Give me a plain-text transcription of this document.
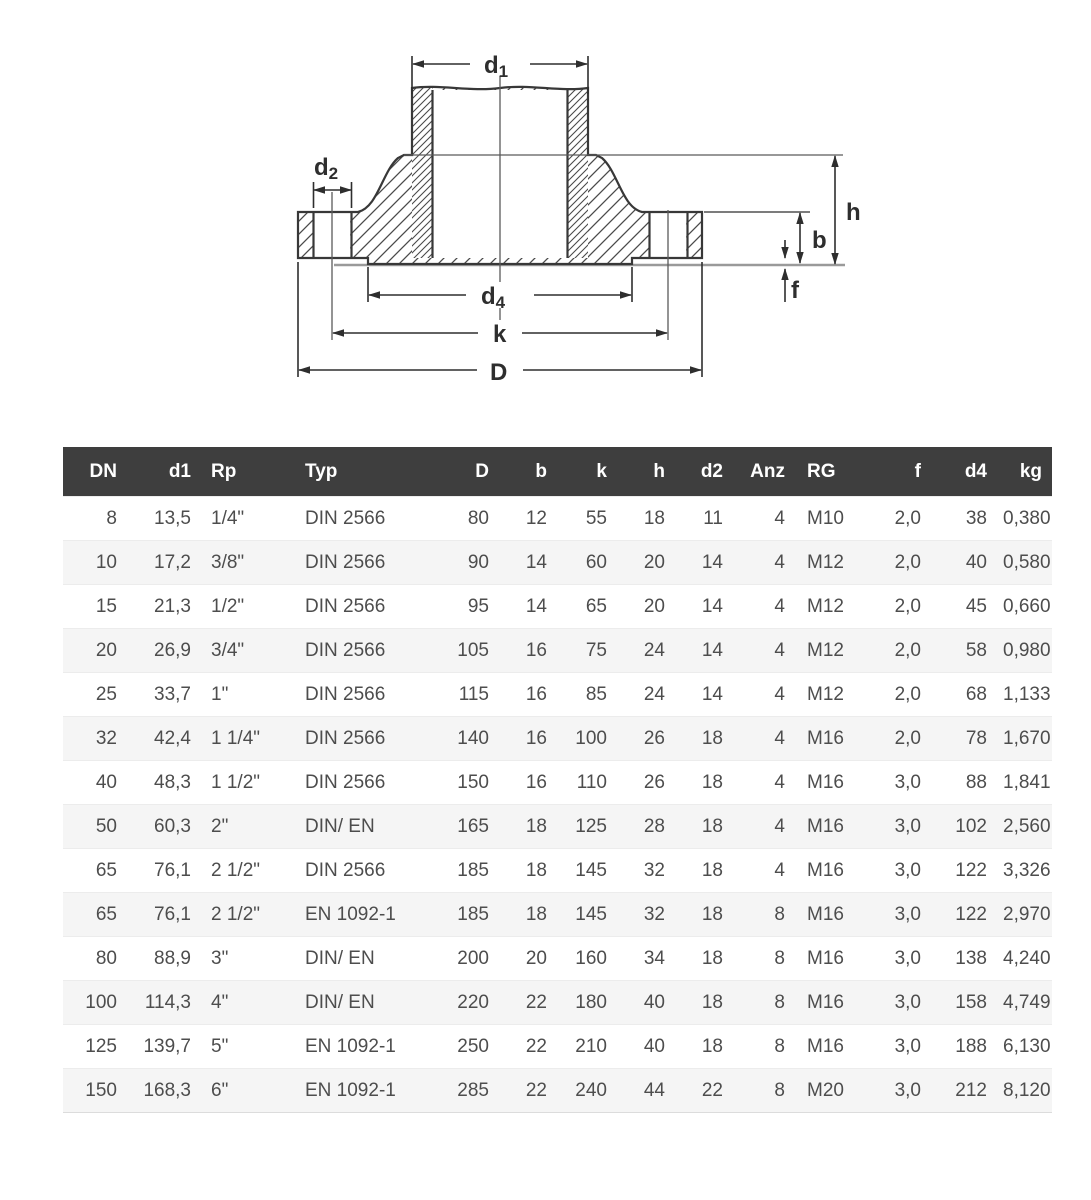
d1
d2
h
b
f
d4
k
D
DN	d1	Rp	Typ	D	b	k	h	d2	Anz	RG	f	d4	kg
8	13,5	1/4"	DIN 2566	80	12	55	18	11	4	M10	2,0	38	0,380
10	17,2	3/8"	DIN 2566	90	14	60	20	14	4	M12	2,0	40	0,580
15	21,3	1/2"	DIN 2566	95	14	65	20	14	4	M12	2,0	45	0,660
20	26,9	3/4"	DIN 2566	105	16	75	24	14	4	M12	2,0	58	0,980
25	33,7	1"	DIN 2566	115	16	85	24	14	4	M12	2,0	68	1,133
32	42,4	1 1/4"	DIN 2566	140	16	100	26	18	4	M16	2,0	78	1,670
40	48,3	1 1/2"	DIN 2566	150	16	110	26	18	4	M16	3,0	88	1,841
50	60,3	2"	DIN/ EN	165	18	125	28	18	4	M16	3,0	102	2,560
65	76,1	2 1/2"	DIN 2566	185	18	145	32	18	4	M16	3,0	122	3,326
65	76,1	2 1/2"	EN 1092-1	185	18	145	32	18	8	M16	3,0	122	2,970
80	88,9	3"	DIN/ EN	200	20	160	34	18	8	M16	3,0	138	4,240
100	114,3	4"	DIN/ EN	220	22	180	40	18	8	M16	3,0	158	4,749
125	139,7	5"	EN 1092-1	250	22	210	40	18	8	M16	3,0	188	6,130
150	168,3	6"	EN 1092-1	285	22	240	44	22	8	M20	3,0	212	8,120
